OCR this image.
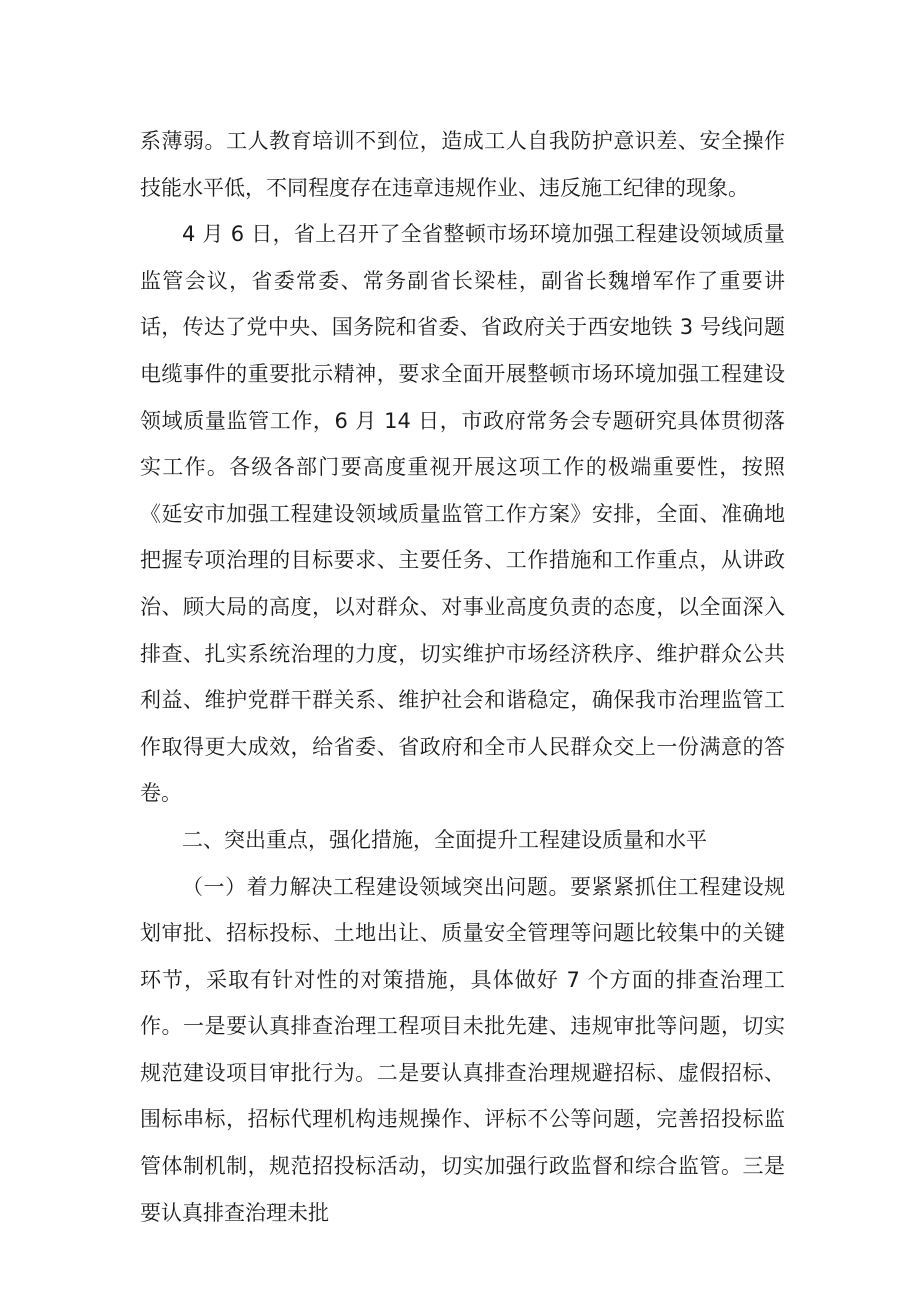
系薄弱。工人教育培训不到位，造成工人自我防护意识差、安全操作技能水平低，不同程度存在违章违规作业、违反施工纪律的现象。

4 月 6 日，省上召开了全省整顿市场环境加强工程建设领域质量监管会议，省委常委、常务副省长梁桂，副省长魏增军作了重要讲话，传达了党中央、国务院和省委、省政府关于西安地铁 3 号线问题电缆事件的重要批示精神，要求全面开展整顿市场环境加强工程建设领域质量监管工作，6 月 14 日，市政府常务会专题研究具体贯彻落实工作。各级各部门要高度重视开展这项工作的极端重要性，按照《延安市加强工程建设领域质量监管工作方案》安排，全面、准确地把握专项治理的目标要求、主要任务、工作措施和工作重点，从讲政治、顾大局的高度，以对群众、对事业高度负责的态度，以全面深入排查、扎实系统治理的力度，切实维护市场经济秩序、维护群众公共利益、维护党群干群关系、维护社会和谐稳定，确保我市治理监管工作取得更大成效，给省委、省政府和全市人民群众交上一份满意的答卷。

二、突出重点，强化措施，全面提升工程建设质量和水平

（一）着力解决工程建设领域突出问题。要紧紧抓住工程建设规划审批、招标投标、土地出让、质量安全管理等问题比较集中的关键环节，采取有针对性的对策措施，具体做好 7 个方面的排查治理工作。一是要认真排查治理工程项目未批先建、违规审批等问题，切实规范建设项目审批行为。二是要认真排查治理规避招标、虚假招标、围标串标，招标代理机构违规操作、评标不公等问题，完善招投标监管体制机制，规范招投标活动，切实加强行政监督和综合监管。三是要认真排查治理未批
